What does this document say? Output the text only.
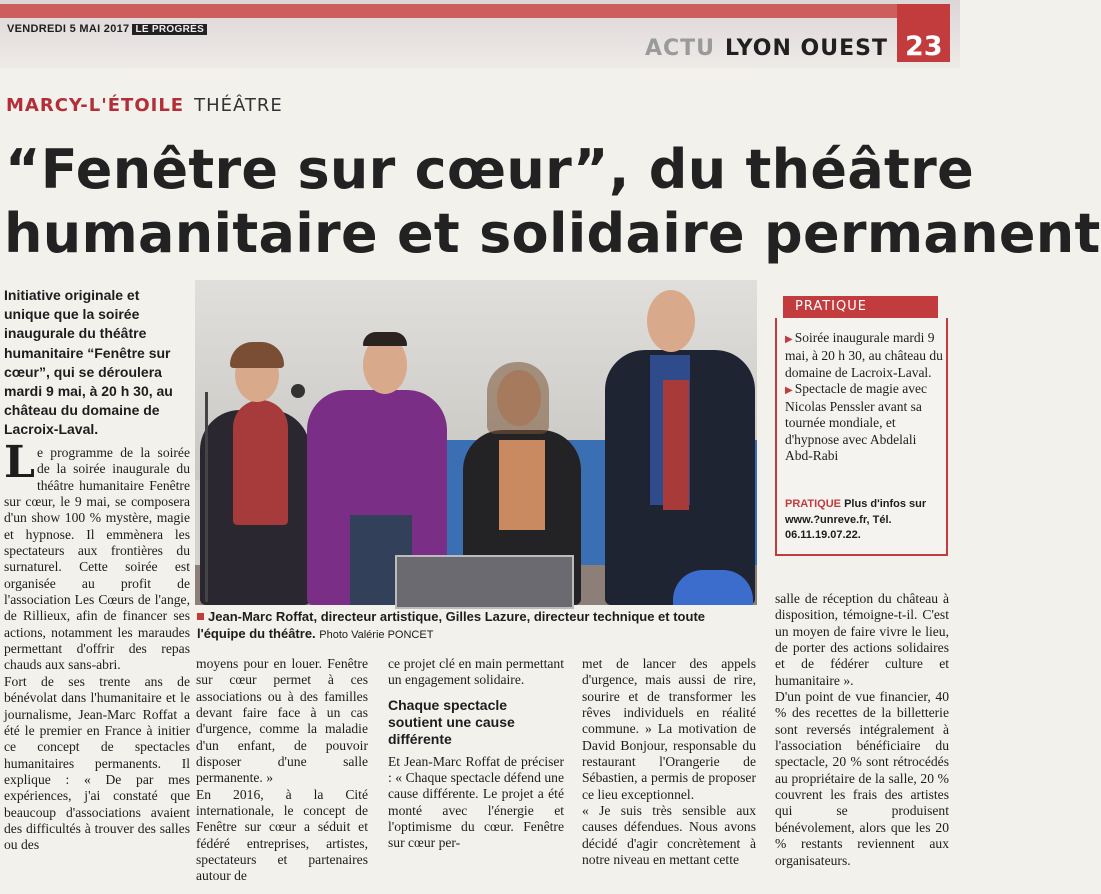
VENDREDI 5 MAI 2017 LE PROGRÈS
ACTU LYON OUEST 23
MARCY-L'ÉTOILE THÉÂTRE
“Fenêtre sur cœur”, du théâtre
humanitaire et solidaire permanent
Initiative originale et unique que la soirée inaugurale du théâtre humanitaire “Fenêtre sur cœur”, qui se déroulera mardi 9 mai, à 20 h 30, au château du domaine de Lacroix-Laval.
Jean-Marc Roffat, directeur artistique, Gilles Lazure, directeur technique et toute l'équipe du théâtre. Photo Valérie PONCET
PRATIQUE
▶ Soirée inaugurale mardi 9 mai, à 20 h 30, au château du domaine de Lacroix-Laval.
▶ Spectacle de magie avec Nicolas Penssler avant sa tournée mondiale, et d'hypnose avec Abdelali Abd-Rabi
PRATIQUE Plus d'infos sur www.?unreve.fr, Tél. 06.11.19.07.22.

Le programme de la soirée de la soirée inaugurale du théâtre humanitaire Fenêtre sur cœur, le 9 mai, se composera d'un show 100 % mystère, magie et hypnose. Il emmènera les spectateurs aux frontières du surnaturel. Cette soirée est organisée au profit de l'association Les Cœurs de l'ange, de Rillieux, afin de financer ses actions, notamment les maraudes permettant d'offrir des repas chauds aux sans-abri.

Fort de ses trente ans de bénévolat dans l'humanitaire et le journalisme, Jean-Marc Roffat a été le premier en France à initier ce concept de spectacles humanitaires permanents. Il explique : « De par mes expériences, j'ai constaté que beaucoup d'associations avaient des difficultés à trouver des salles ou des

moyens pour en louer. Fenêtre sur cœur permet à ces associations ou à des familles devant faire face à un cas d'urgence, comme la maladie d'un enfant, de pouvoir disposer d'une salle permanente. »

En 2016, à la Cité internationale, le concept de Fenêtre sur cœur a séduit et fédéré entreprises, artistes, spectateurs et partenaires autour de

ce projet clé en main permettant un engagement solidaire.

Chaque spectacle soutient une cause différente

Et Jean-Marc Roffat de préciser : « Chaque spectacle défend une cause différente. Le projet a été monté avec l'énergie et l'optimisme du cœur. Fenêtre sur cœur per-

met de lancer des appels d'urgence, mais aussi de rire, sourire et de transformer les rêves individuels en réalité commune. » La motivation de David Bonjour, responsable du restaurant l'Orangerie de Sébastien, a permis de proposer ce lieu exceptionnel.

« Je suis très sensible aux causes défendues. Nous avons décidé d'agir concrètement à notre niveau en mettant cette

salle de réception du château à disposition, témoigne-t-il. C'est un moyen de faire vivre le lieu, de porter des actions solidaires et de fédérer culture et humanitaire ».

D'un point de vue financier, 40 % des recettes de la billetterie sont reversés intégralement à l'association bénéficiaire du spectacle, 20 % sont rétrocédés au propriétaire de la salle, 20 % couvrent les frais des artistes qui se produisent bénévolement, alors que les 20 % restants reviennent aux organisateurs.
